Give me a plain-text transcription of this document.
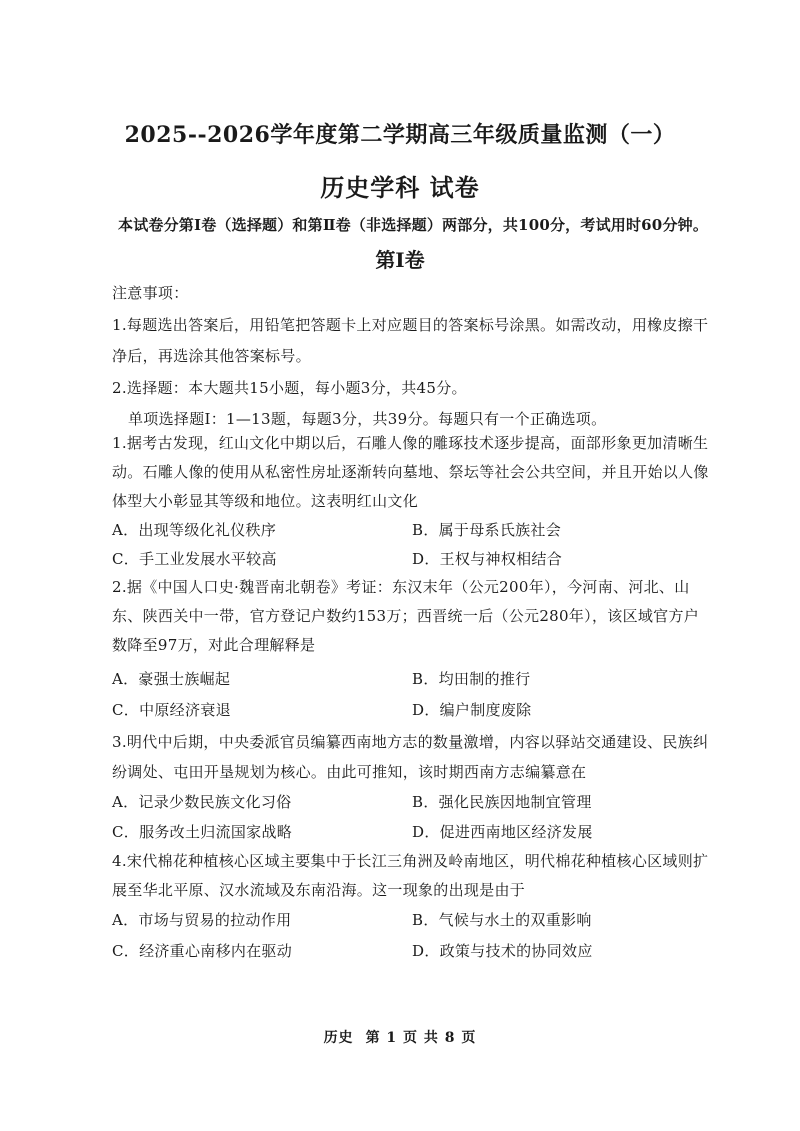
2025--2026学年度第二学期高三年级质量监测（一）
历史学科 试卷
本试卷分第Ⅰ卷（选择题）和第Ⅱ卷（非选择题）两部分，共100分，考试用时60分钟。
第Ⅰ卷
注意事项：
1.每题选出答案后，用铅笔把答题卡上对应题目的答案标号涂黑。如需改动，用橡皮擦干
净后，再选涂其他答案标号。
2.选择题：本大题共15小题，每小题3分，共45分。
单项选择题Ⅰ：1—13题，每题3分，共39分。每题只有一个正确选项。
1.据考古发现，红山文化中期以后，石雕人像的雕琢技术逐步提高，面部形象更加清晰生
动。石雕人像的使用从私密性房址逐渐转向墓地、祭坛等社会公共空间，并且开始以人像
体型大小彰显其等级和地位。这表明红山文化
A．出现等级化礼仪秩序	B．属于母系氏族社会
C．手工业发展水平较高	D．王权与神权相结合
2.据《中国人口史·魏晋南北朝卷》考证：东汉末年（公元200年），今河南、河北、山
东、陕西关中一带，官方登记户数约153万；西晋统一后（公元280年），该区域官方户
数降至97万，对此合理解释是
A．豪强士族崛起	B．均田制的推行
C．中原经济衰退	D．编户制度废除
3.明代中后期，中央委派官员编纂西南地方志的数量激增，内容以驿站交通建设、民族纠
纷调处、屯田开垦规划为核心。由此可推知，该时期西南方志编纂意在
A．记录少数民族文化习俗	B．强化民族因地制宜管理
C．服务改土归流国家战略	D．促进西南地区经济发展
4.宋代棉花种植核心区域主要集中于长江三角洲及岭南地区，明代棉花种植核心区域则扩
展至华北平原、汉水流域及东南沿海。这一现象的出现是由于
A．市场与贸易的拉动作用	B．气候与水土的双重影响
C．经济重心南移内在驱动	D．政策与技术的协同效应
历史 第 1 页 共 8 页
